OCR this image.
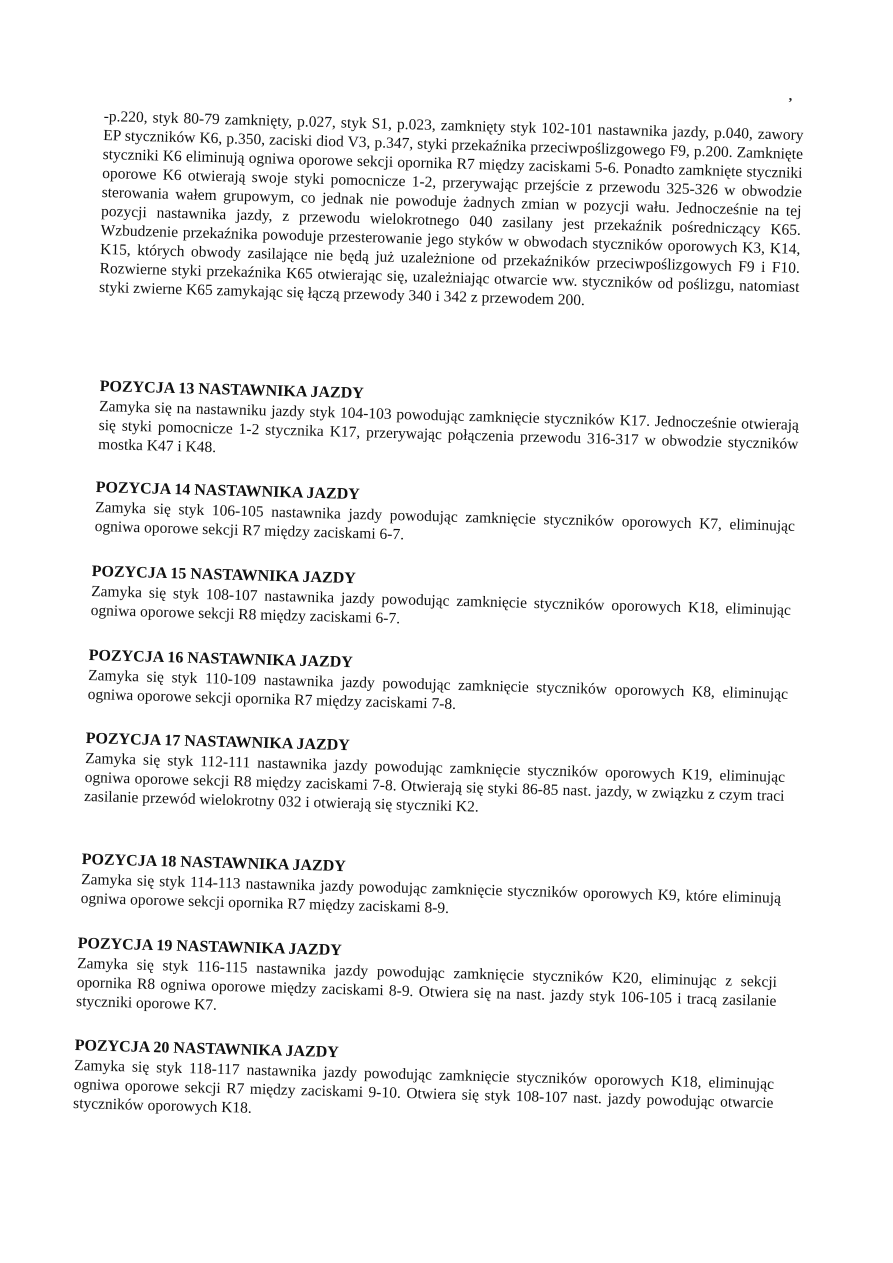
ʼ

-p.220, styk 80-79 zamknięty, p.027, styk S1, p.023, zamknięty styk 102-101 nastawnika jazdy, p.040, zawory EP styczników K6, p.350, zaciski diod V3, p.347, styki przekaźnika przeciwpoślizgowego F9, p.200. Zamknięte styczniki K6 eliminują ogniwa oporowe sekcji opornika R7 między zaciskami 5-6. Ponadto zamknięte styczniki oporowe K6 otwierają swoje styki pomocnicze 1-2, przerywając przejście z przewodu 325-326 w obwodzie sterowania wałem grupowym, co jednak nie powoduje żadnych zmian w pozycji wału. Jednocześnie na tej pozycji nastawnika jazdy, z przewodu wielokrotnego 040 zasilany jest przekaźnik pośredniczący K65. Wzbudzenie przekaźnika powoduje przesterowanie jego styków w obwodach styczników oporowych K3, K14, K15, których obwody zasilające nie będą już uzależnione od przekaźników przeciwpoślizgowych F9 i F10. Rozwierne styki przekaźnika K65 otwierając się, uzależniając otwarcie ww. styczników od poślizgu, natomiast styki zwierne K65 zamykając się łączą przewody 340 i 342 z przewodem 200.

POZYCJA 13 NASTAWNIKA JAZDY

Zamyka się na nastawniku jazdy styk 104-103 powodując zamknięcie styczników K17. Jednocześnie otwierają się styki pomocnicze 1-2 stycznika K17, przerywając połączenia przewodu 316-317 w obwodzie styczników mostka K47 i K48.

POZYCJA 14 NASTAWNIKA JAZDY

Zamyka się styk 106-105 nastawnika jazdy powodując zamknięcie styczników oporowych K7, eliminując ogniwa oporowe sekcji R7 między zaciskami 6-7.

POZYCJA 15 NASTAWNIKA JAZDY

Zamyka się styk 108-107 nastawnika jazdy powodując zamknięcie styczników oporowych K18, eliminując ogniwa oporowe sekcji R8 między zaciskami 6-7.

POZYCJA 16 NASTAWNIKA JAZDY

Zamyka się styk 110-109 nastawnika jazdy powodując zamknięcie styczników oporowych K8, eliminując ogniwa oporowe sekcji opornika R7 między zaciskami 7-8.

POZYCJA 17 NASTAWNIKA JAZDY

Zamyka się styk 112-111 nastawnika jazdy powodując zamknięcie styczników oporowych K19, eliminując ogniwa oporowe sekcji R8 między zaciskami 7-8. Otwierają się styki 86-85 nast. jazdy, w związku z czym traci zasilanie przewód wielokrotny 032 i otwierają się styczniki K2.

POZYCJA 18 NASTAWNIKA JAZDY

Zamyka się styk 114-113 nastawnika jazdy powodując zamknięcie styczników oporowych K9, które eliminują ogniwa oporowe sekcji opornika R7 między zaciskami 8-9.

POZYCJA 19 NASTAWNIKA JAZDY

Zamyka się styk 116-115 nastawnika jazdy powodując zamknięcie styczników K20, eliminując z sekcji opornika R8 ogniwa oporowe między zaciskami 8-9. Otwiera się na nast. jazdy styk 106-105 i tracą zasilanie styczniki oporowe K7.

POZYCJA 20 NASTAWNIKA JAZDY

Zamyka się styk 118-117 nastawnika jazdy powodując zamknięcie styczników oporowych K18, eliminując ogniwa oporowe sekcji R7 między zaciskami 9-10. Otwiera się styk 108-107 nast. jazdy powodując otwarcie styczników oporowych K18.
